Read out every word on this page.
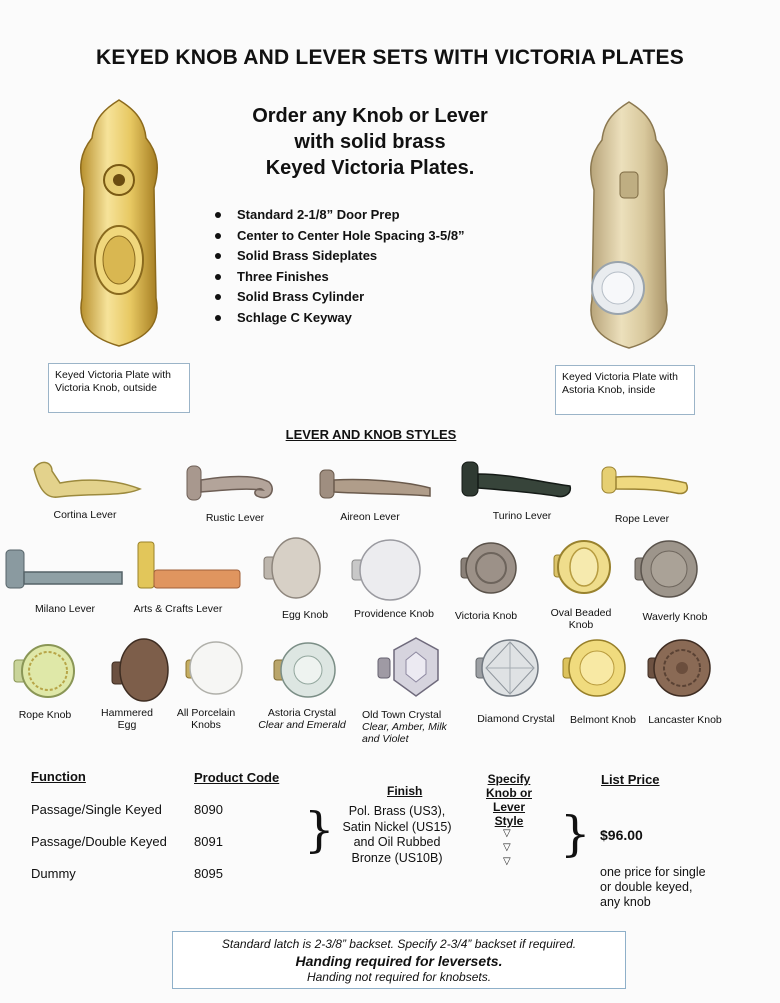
KEYED KNOB AND LEVER SETS WITH VICTORIA PLATES
Order any Knob or Lever
with solid brass
Keyed Victoria Plates.
Standard 2-1/8” Door Prep
Center to Center Hole Spacing 3-5/8”
Solid Brass Sideplates
Three Finishes
Solid Brass Cylinder
Schlage C Keyway
Keyed Victoria Plate with
Victoria Knob, outside
Keyed Victoria Plate with
Astoria Knob, inside
LEVER AND KNOB STYLES
Cortina Lever	Rustic Lever	Aireon Lever	Turino Lever	Rope Lever
Milano Lever	Arts & Crafts Lever	Egg Knob	Providence Knob	Victoria Knob	Oval Beaded
Knob
Waverly Knob
Rope Knob	Hammered
Egg
All Porcelain
Knobs
Astoria Crystal
Clear and Emerald
Old Town Crystal
Clear, Amber, Milk
and Violet
Diamond Crystal	Belmont Knob	Lancaster Knob
Function	Product Code
Finish
Specify
Knob or
Lever
Style
List Price
Passage/Single Keyed 8090
Passage/Double Keyed 8091
Dummy	8095
}	Pol. Brass (US3),
Satin Nickel (US15)
and Oil Rubbed
Bronze (US10B)
▽
▽
▽ } $96.00
one price for single
or double keyed,
any knob
Standard latch is 2-3/8” backset. Specify 2-3/4” backset if required.
Handing required for leversets.
Handing not required for knobsets.
